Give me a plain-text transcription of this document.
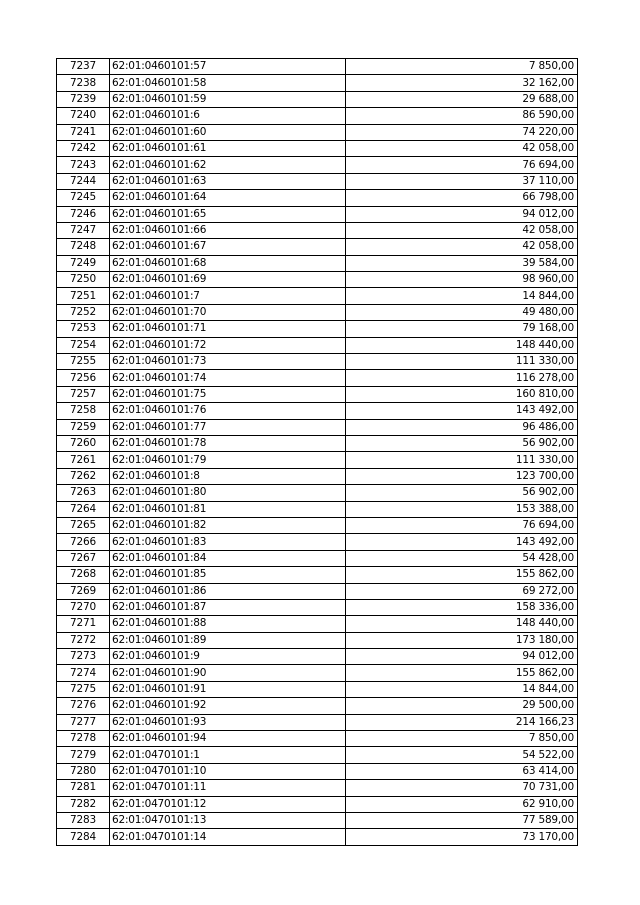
7237	62:01:0460101:57	7 850,00
7238	62:01:0460101:58	32 162,00
7239	62:01:0460101:59	29 688,00
7240	62:01:0460101:6	86 590,00
7241	62:01:0460101:60	74 220,00
7242	62:01:0460101:61	42 058,00
7243	62:01:0460101:62	76 694,00
7244	62:01:0460101:63	37 110,00
7245	62:01:0460101:64	66 798,00
7246	62:01:0460101:65	94 012,00
7247	62:01:0460101:66	42 058,00
7248	62:01:0460101:67	42 058,00
7249	62:01:0460101:68	39 584,00
7250	62:01:0460101:69	98 960,00
7251	62:01:0460101:7	14 844,00
7252	62:01:0460101:70	49 480,00
7253	62:01:0460101:71	79 168,00
7254	62:01:0460101:72	148 440,00
7255	62:01:0460101:73	111 330,00
7256	62:01:0460101:74	116 278,00
7257	62:01:0460101:75	160 810,00
7258	62:01:0460101:76	143 492,00
7259	62:01:0460101:77	96 486,00
7260	62:01:0460101:78	56 902,00
7261	62:01:0460101:79	111 330,00
7262	62:01:0460101:8	123 700,00
7263	62:01:0460101:80	56 902,00
7264	62:01:0460101:81	153 388,00
7265	62:01:0460101:82	76 694,00
7266	62:01:0460101:83	143 492,00
7267	62:01:0460101:84	54 428,00
7268	62:01:0460101:85	155 862,00
7269	62:01:0460101:86	69 272,00
7270	62:01:0460101:87	158 336,00
7271	62:01:0460101:88	148 440,00
7272	62:01:0460101:89	173 180,00
7273	62:01:0460101:9	94 012,00
7274	62:01:0460101:90	155 862,00
7275	62:01:0460101:91	14 844,00
7276	62:01:0460101:92	29 500,00
7277	62:01:0460101:93	214 166,23
7278	62:01:0460101:94	7 850,00
7279	62:01:0470101:1	54 522,00
7280	62:01:0470101:10	63 414,00
7281	62:01:0470101:11	70 731,00
7282	62:01:0470101:12	62 910,00
7283	62:01:0470101:13	77 589,00
7284	62:01:0470101:14	73 170,00
